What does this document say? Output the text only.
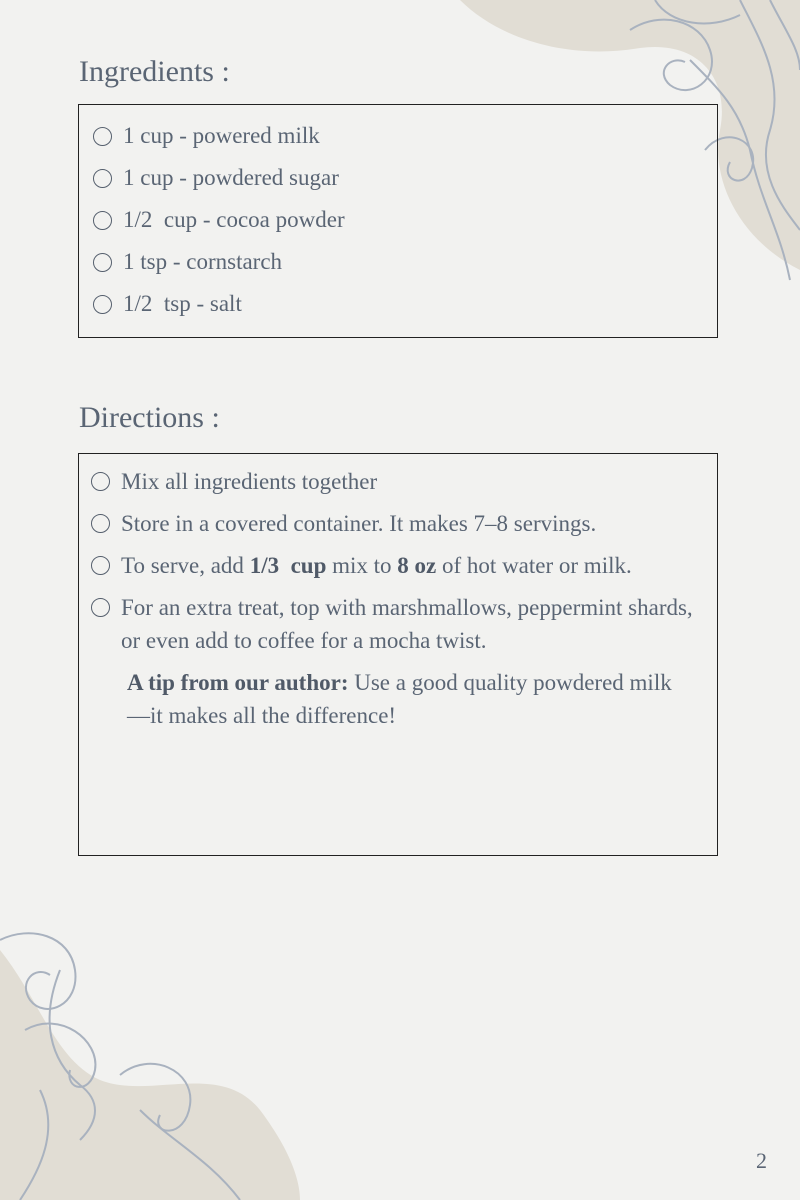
Ingredients :
1 cup - powered milk
1 cup - powdered sugar
1/2  cup - cocoa powder
1 tsp - cornstarch
1/2  tsp - salt
Directions :
Mix all ingredients together
Store in a covered container. It makes 7–8 servings.
To serve, add 1/3  cup mix to 8 oz of hot water or milk.
For an extra treat, top with marshmallows, peppermint shards, or even add to coffee for a mocha twist.
A tip from our author: Use a good quality powdered milk—it makes all the difference!
2
